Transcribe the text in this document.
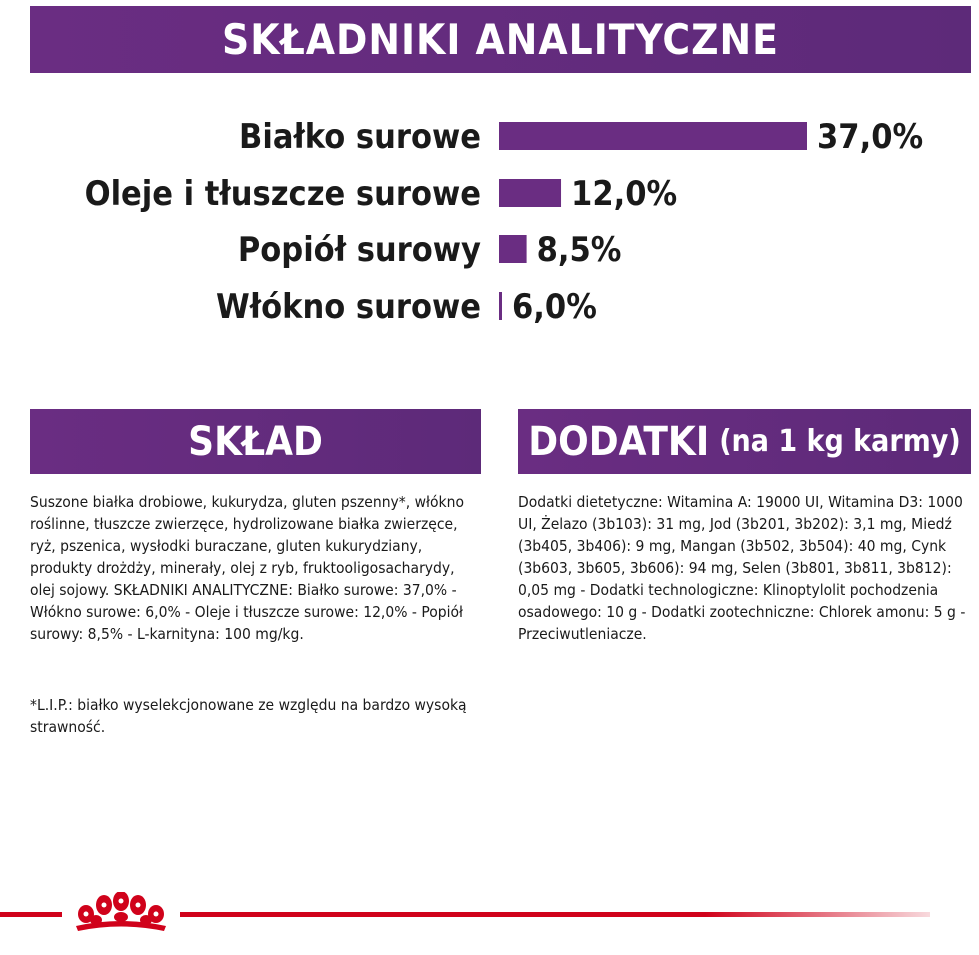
SKŁADNIKI ANALITYCZNE
Białko surowe	37,0%
Oleje i tłuszcze surowe	12,0%
Popiół surowy 8,5%
Włókno surowe 6,0%
SKŁAD	DODATKI (na 1 kg karmy)
Suszone białka drobiowe, kukurydza, gluten pszenny*, włókno roślinne, tłuszcze zwierzęce, hydrolizowane białka zwierzęce, ryż, pszenica, wysłodki buraczane, gluten kukurydziany, produkty drożdży, minerały, olej z ryb, fruktooligosacharydy, olej sojowy. SKŁADNIKI ANALITYCZNE: Białko surowe: 37,0% - Włókno surowe: 6,0% - Oleje i tłuszcze surowe: 12,0% - Popiół surowy: 8,5% - L-karnityna: 100 mg/kg.
*L.I.P.: białko wyselekcjonowane ze względu na bardzo wysoką strawność.
Dodatki dietetyczne: Witamina A: 19000 UI, Witamina D3: 1000 UI, Żelazo (3b103): 31 mg, Jod (3b201, 3b202): 3,1 mg, Miedź (3b405, 3b406): 9 mg, Mangan (3b502, 3b504): 40 mg, Cynk (3b603, 3b605, 3b606): 94 mg, Selen (3b801, 3b811, 3b812): 0,05 mg - Dodatki technologiczne: Klinoptylolit pochodzenia osadowego: 10 g - Dodatki zootechniczne: Chlorek amonu: 5 g - Przeciwutleniacze.
